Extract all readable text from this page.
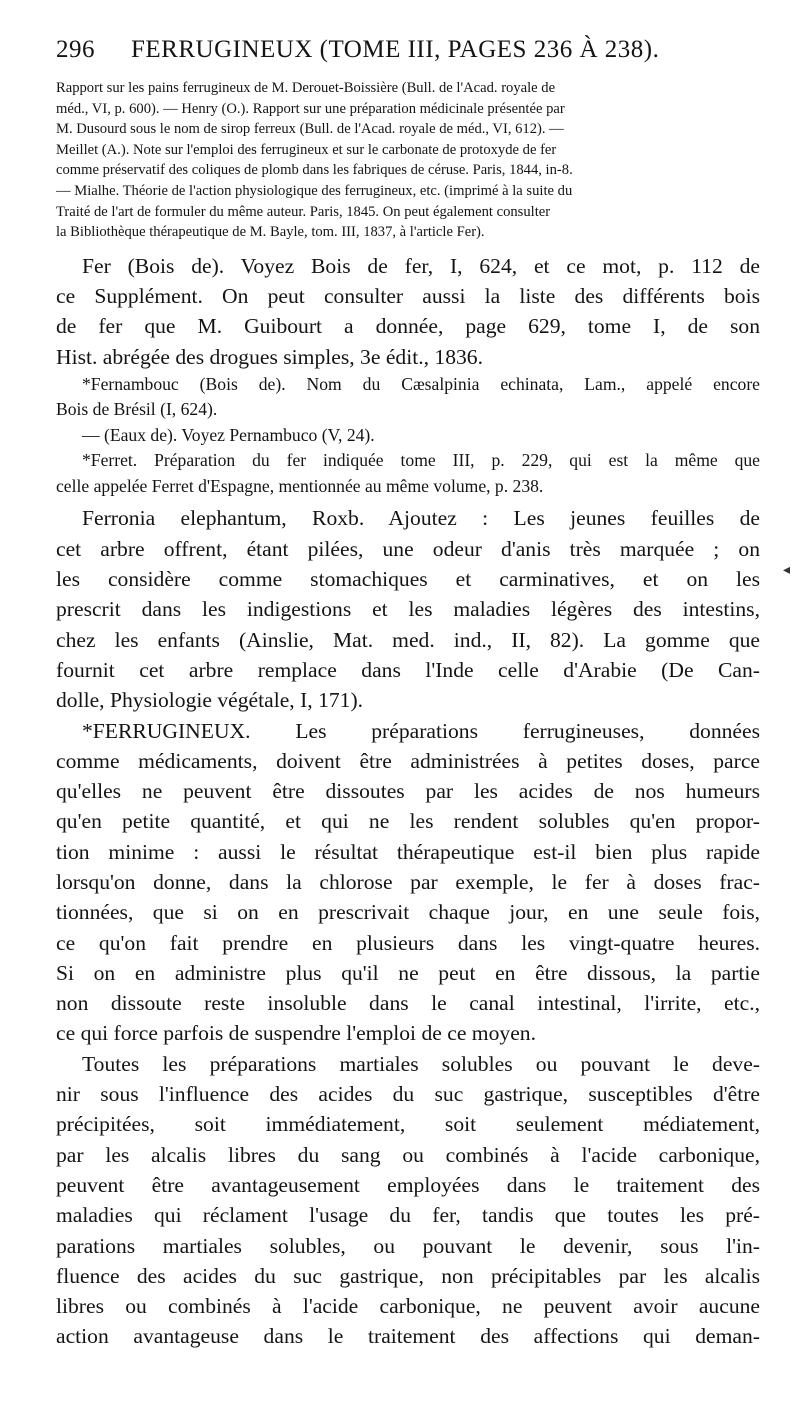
296 FERRUGINEUX (TOME III, PAGES 236 À 238).
Rapport sur les pains ferrugineux de M. Derouet-Boissière (Bull. de l'Acad. royale de
méd., VI, p. 600). — Henry (O.). Rapport sur une préparation médicinale présentée par
M. Dusourd sous le nom de sirop ferreux (Bull. de l'Acad. royale de méd., VI, 612). —
Meillet (A.). Note sur l'emploi des ferrugineux et sur le carbonate de protoxyde de fer
comme préservatif des coliques de plomb dans les fabriques de céruse. Paris, 1844, in-8.
— Mialhe. Théorie de l'action physiologique des ferrugineux, etc. (imprimé à la suite du
Traité de l'art de formuler du même auteur. Paris, 1845. On peut également consulter
la Bibliothèque thérapeutique de M. Bayle, tom. III, 1837, à l'article Fer).
Fer (Bois de). Voyez Bois de fer, I, 624, et ce mot, p. 112 de
ce Supplément. On peut consulter aussi la liste des différents bois
de fer que M. Guibourt a donnée, page 629, tome I, de son
Hist. abrégée des drogues simples, 3e édit., 1836.
*Fernambouc (Bois de). Nom du Cæsalpinia echinata, Lam., appelé encore
Bois de Brésil (I, 624).
— (Eaux de). Voyez Pernambuco (V, 24).
*Ferret. Préparation du fer indiquée tome III, p. 229, qui est la même que
celle appelée Ferret d'Espagne, mentionnée au même volume, p. 238.
Ferronia elephantum, Roxb. Ajoutez : Les jeunes feuilles de
cet arbre offrent, étant pilées, une odeur d'anis très marquée ; on
les considère comme stomachiques et carminatives, et on les
prescrit dans les indigestions et les maladies légères des intestins,
chez les enfants (Ainslie, Mat. med. ind., II, 82). La gomme que
fournit cet arbre remplace dans l'Inde celle d'Arabie (De Can-
dolle, Physiologie végétale, I, 171).
*FERRUGINEUX. Les préparations ferrugineuses, données
comme médicaments, doivent être administrées à petites doses, parce
qu'elles ne peuvent être dissoutes par les acides de nos humeurs
qu'en petite quantité, et qui ne les rendent solubles qu'en propor-
tion minime : aussi le résultat thérapeutique est-il bien plus rapide
lorsqu'on donne, dans la chlorose par exemple, le fer à doses frac-
tionnées, que si on en prescrivait chaque jour, en une seule fois,
ce qu'on fait prendre en plusieurs dans les vingt-quatre heures.
Si on en administre plus qu'il ne peut en être dissous, la partie
non dissoute reste insoluble dans le canal intestinal, l'irrite, etc.,
ce qui force parfois de suspendre l'emploi de ce moyen.
Toutes les préparations martiales solubles ou pouvant le deve-
nir sous l'influence des acides du suc gastrique, susceptibles d'être
précipitées, soit immédiatement, soit seulement médiatement,
par les alcalis libres du sang ou combinés à l'acide carbonique,
peuvent être avantageusement employées dans le traitement des
maladies qui réclament l'usage du fer, tandis que toutes les pré-
parations martiales solubles, ou pouvant le devenir, sous l'in-
fluence des acides du suc gastrique, non précipitables par les alcalis
libres ou combinés à l'acide carbonique, ne peuvent avoir aucune
action avantageuse dans le traitement des affections qui deman-
◂
